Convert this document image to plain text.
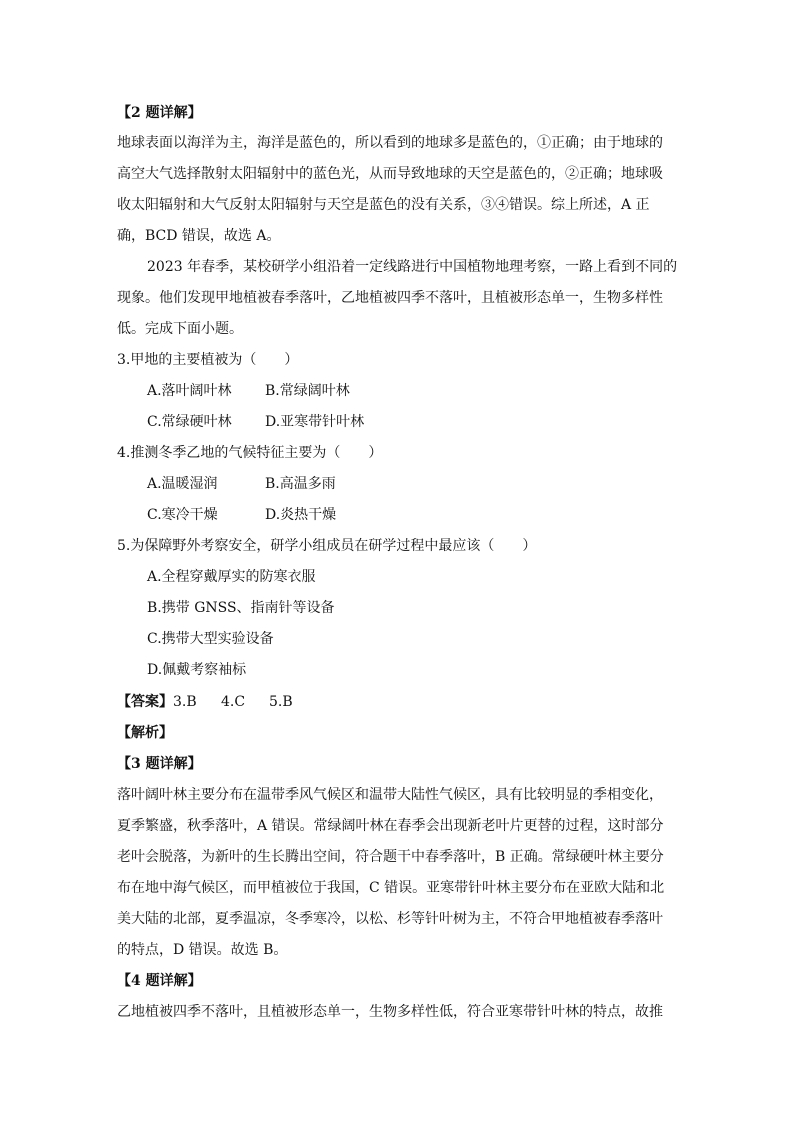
【2 题详解】
地球表面以海洋为主，海洋是蓝色的，所以看到的地球多是蓝色的，①正确；由于地球的
高空大气选择散射太阳辐射中的蓝色光，从而导致地球的天空是蓝色的，②正确；地球吸
收太阳辐射和大气反射太阳辐射与天空是蓝色的没有关系，③④错误。综上所述，A 正
确，BCD 错误，故选 A。
2023 年春季，某校研学小组沿着一定线路进行中国植物地理考察，一路上看到不同的
现象。他们发现甲地植被春季落叶，乙地植被四季不落叶，且植被形态单一，生物多样性
低。完成下面小题。
3.甲地的主要植被为（　　）
A.落叶阔叶林 B.常绿阔叶林
C.常绿硬叶林 D.亚寒带针叶林
4.推测冬季乙地的气候特征主要为（　　）
A.温暖湿润	B.高温多雨
C.寒冷干燥	D.炎热干燥
5.为保障野外考察安全，研学小组成员在研学过程中最应该（　　）
A.全程穿戴厚实的防寒衣服
B.携带 GNSS、指南针等设备
C.携带大型实验设备
D.佩戴考察袖标
【答案】3.B 4.C 5.B
【解析】
【3 题详解】
落叶阔叶林主要分布在温带季风气候区和温带大陆性气候区，具有比较明显的季相变化，
夏季繁盛，秋季落叶，A 错误。常绿阔叶林在春季会出现新老叶片更替的过程，这时部分
老叶会脱落，为新叶的生长腾出空间，符合题干中春季落叶，B 正确。常绿硬叶林主要分
布在地中海气候区，而甲植被位于我国，C 错误。亚寒带针叶林主要分布在亚欧大陆和北
美大陆的北部，夏季温凉，冬季寒冷，以松、杉等针叶树为主，不符合甲地植被春季落叶
的特点，D 错误。故选 B。
【4 题详解】
乙地植被四季不落叶，且植被形态单一，生物多样性低，符合亚寒带针叶林的特点，故推
